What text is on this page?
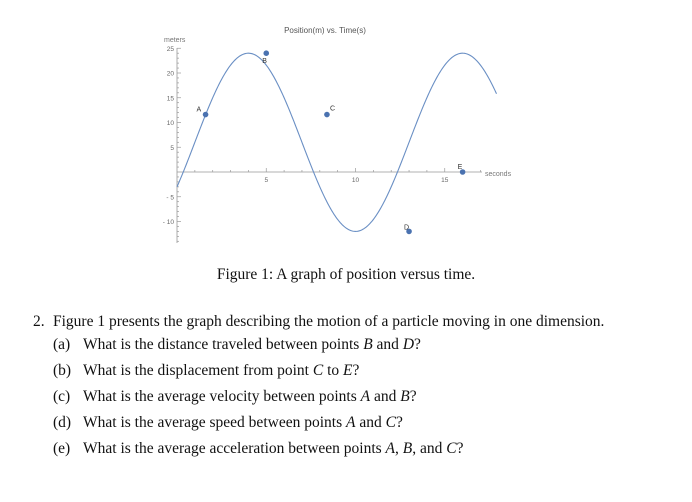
Position(m) vs. Time(s)
meters
seconds
5	10	15
25
20
15
10
5
- 5
- 10
A
B
C
D
E
Figure 1: A graph of position versus time.

2. Figure 1 presents the graph describing the motion of a particle moving in one dimension.

(a) What is the distance traveled between points B and D?

(b) What is the displacement from point C to E?

(c) What is the average velocity between points A and B?

(d) What is the average speed between points A and C?

(e) What is the average acceleration between points A, B, and C?
